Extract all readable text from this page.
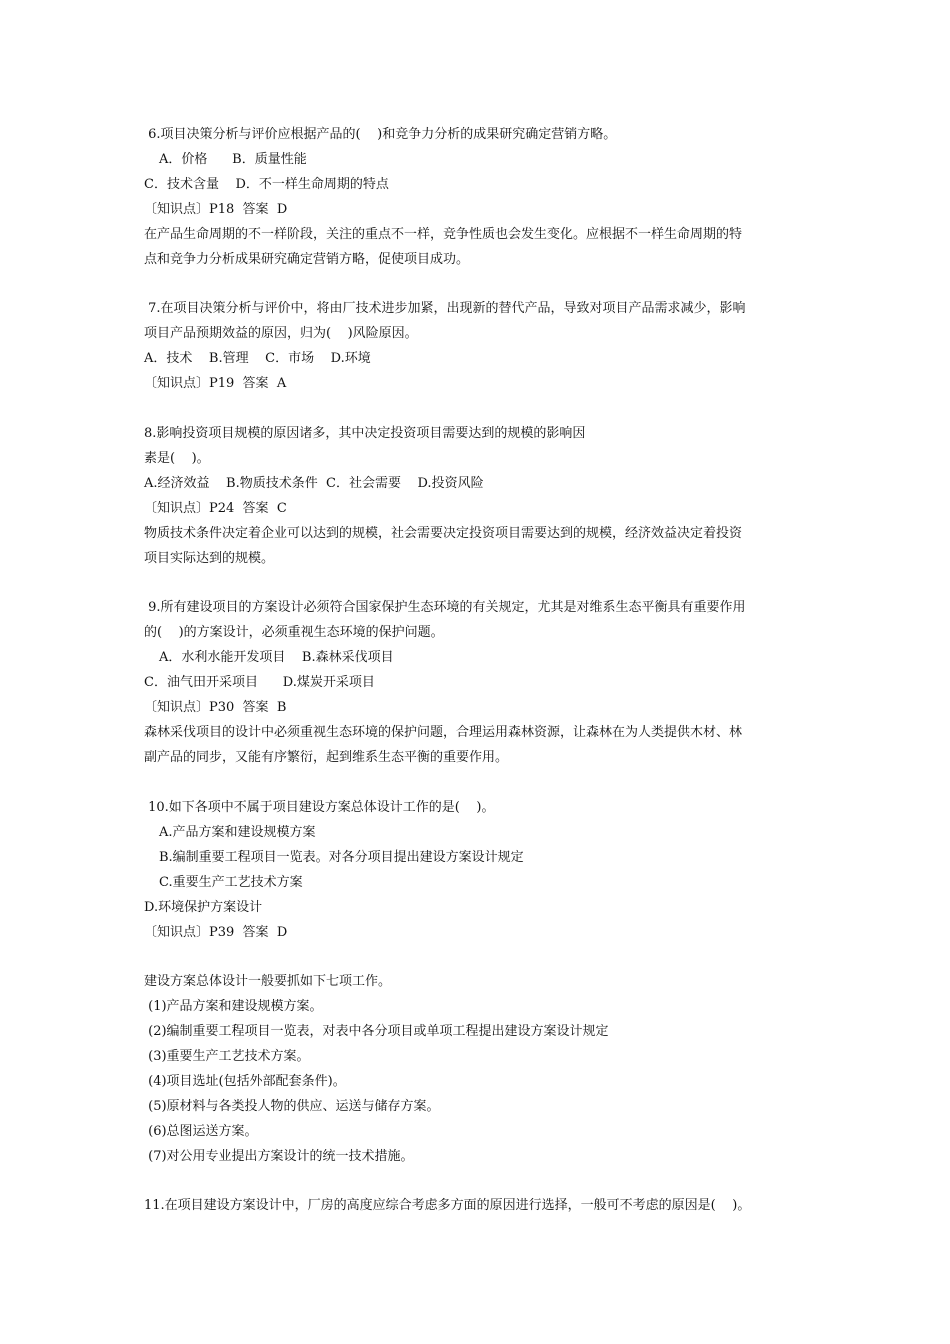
6.项目决策分析与评价应根据产品的(    )和竞争力分析的成果研究确定营销方略。
A．价格      B．质量性能
C．技术含量    D．不一样生命周期的特点
〔知识点〕P18  答案  D
在产品生命周期的不一样阶段，关注的重点不一样，竞争性质也会发生变化。应根据不一样生命周期的特
点和竞争力分析成果研究确定营销方略，促使项目成功。
7.在项目决策分析与评价中，将由厂技术进步加紧，出现新的替代产品，导致对项目产品需求减少，影响
项目产品预期效益的原因，归为(    )风险原因。
A．技术    B.管理    C．市场    D.环境
〔知识点〕P19  答案  A
8.影响投资项目规模的原因诸多，其中决定投资项目需要达到的规模的影响因
素是(    )。
A.经济效益    B.物质技术条件  C．社会需要    D.投资风险
〔知识点〕P24  答案  C
物质技术条件决定着企业可以达到的规模，社会需要决定投资项目需要达到的规模，经济效益决定着投资
项目实际达到的规模。
9.所有建设项目的方案设计必须符合国家保护生态环境的有关规定，尤其是对维系生态平衡具有重要作用
的(    )的方案设计，必须重视生态环境的保护问题。
A．水利水能开发项目    B.森林采伐项目
C．油气田开采项目      D.煤炭开采项目
〔知识点〕P30  答案  B
森林采伐项目的设计中必须重视生态环境的保护问题，合理运用森林资源，让森林在为人类提供木材、林
副产品的同步，又能有序繁衍，起到维系生态平衡的重要作用。
10.如下各项中不属于项目建设方案总体设计工作的是(    )。
A.产品方案和建设规模方案
B.编制重要工程项目一览表。对各分项目提出建设方案设计规定
C.重要生产工艺技术方案
D.环境保护方案设计
〔知识点〕P39  答案  D
建设方案总体设计一般要抓如下七项工作。
(1)产品方案和建设规模方案。
(2)编制重要工程项目一览表，对表中各分项目或单项工程提出建设方案设计规定
(3)重要生产工艺技术方案。
(4)项目选址(包括外部配套条件)。
(5)原材料与各类投人物的供应、运送与储存方案。
(6)总图运送方案。
(7)对公用专业提出方案设计的统一技术措施。
11.在项目建设方案设计中，厂房的高度应综合考虑多方面的原因进行选择，一般可不考虑的原因是(    )。
